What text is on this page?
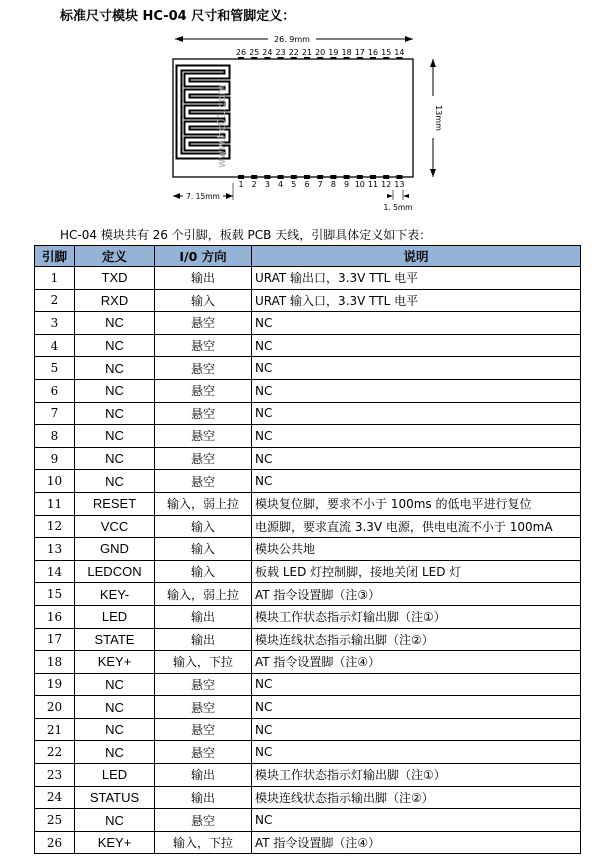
标准尺寸模块 HC-04 尺寸和管脚定义：
26. 9mm
26 25 24 23 22 21 20 19 18 17 16 15 14
www.hc01.com	13mm
1 2 3 4 5 6 7 8 9 10 11 12 13
7. 15mm
1. 5mm
HC-04 模块共有 26 个引脚，板载 PCB 天线，引脚具体定义如下表：
引脚	定义	I/0 方向	说明
1	TXD	输出	URAT 输出口，3.3V TTL 电平
2	RXD	输入	URAT 输入口，3.3V TTL 电平
3	NC	悬空	NC
4	NC	悬空	NC
5	NC	悬空	NC
6	NC	悬空	NC
7	NC	悬空	NC
8	NC	悬空	NC
9	NC	悬空	NC
10	NC	悬空	NC
11	RESET	输入，弱上拉	模块复位脚，要求不小于 100ms 的低电平进行复位
12	VCC	输入	电源脚，要求直流 3.3V 电源，供电电流不小于 100mA
13	GND	输入	模块公共地
14	LEDCON	输入	板载 LED 灯控制脚，接地关闭 LED 灯
15	KEY-	输入，弱上拉	AT 指令设置脚（注③）
16	LED	输出	模块工作状态指示灯输出脚（注①）
17	STATE	输出	模块连线状态指示输出脚（注②）
18	KEY+	输入，下拉	AT 指令设置脚（注④）
19	NC	悬空	NC
20	NC	悬空	NC
21	NC	悬空	NC
22	NC	悬空	NC
23	LED	输出	模块工作状态指示灯输出脚（注①）
24	STATUS	输出	模块连线状态指示输出脚（注②）
25	NC	悬空	NC
26	KEY+	输入，下拉	AT 指令设置脚（注④）
